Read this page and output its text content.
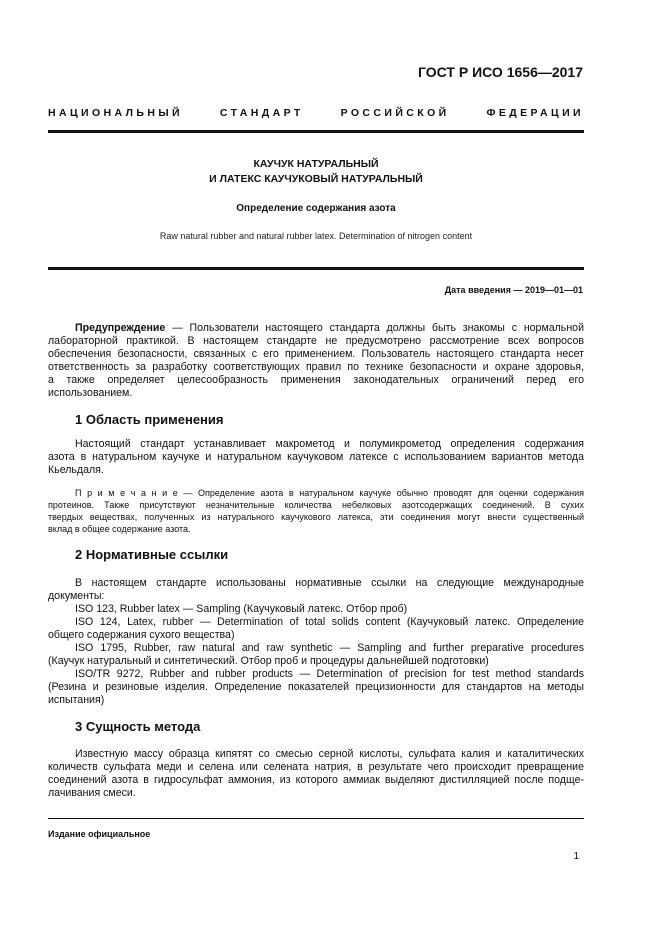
ГОСТ Р ИСО 1656—2017
НАЦИОНАЛЬНЫЙ СТАНДАРТ РОССИЙСКОЙ ФЕДЕРАЦИИ
КАУЧУК НАТУРАЛЬНЫЙ
И ЛАТЕКС КАУЧУКОВЫЙ НАТУРАЛЬНЫЙ
Определение содержания азота
Raw natural rubber and natural rubber latex. Determination of nitrogen content
Дата введения — 2019—01—01
Предупреждение — Пользователи настоящего стандарта должны быть знакомы с нормальной
лабораторной практикой. В настоящем стандарте не предусмотрено рассмотрение всех вопросов
обеспечения безопасности, связанных с его применением. Пользователь настоящего стандарта несет
ответственность за разработку соответствующих правил по технике безопасности и охране здоровья,
а также определяет целесообразность применения законодательных ограничений перед его
использованием.
1 Область применения
Настоящий стандарт устанавливает макрометод и полумикрометод определения содержания
азота в натуральном каучуке и натуральном каучуковом латексе с использованием вариантов метода
Кьельдаля.
П р и м е ч а н и е — Определение азота в натуральном каучуке обычно проводят для оценки содержания
протеинов. Также присутствуют незначительные количества небелковых азотсодержащих соединений. В сухих
твердых веществах, полученных из натурального каучукового латекса, эти соединения могут внести существенный
вклад в общее содержание азота.
2 Нормативные ссылки
В настоящем стандарте использованы нормативные ссылки на следующие международные
документы:
ISO 123, Rubber latex — Sampling (Каучуковый латекс. Отбор проб)
ISO 124, Latex, rubber — Determination of total solids content (Каучуковый латекс. Определение
общего содержания сухого вещества)
ISO 1795, Rubber, raw natural and raw synthetic — Sampling and further preparative procedures
(Каучук натуральный и синтетический. Отбор проб и процедуры дальнейшей подготовки)
ISO/TR 9272, Rubber and rubber products — Determination of precision for test method standards
(Резина и резиновые изделия. Определение показателей прецизионности для стандартов на методы
испытания)
3 Сущность метода
Известную массу образца кипятят со смесью серной кислоты, сульфата калия и каталитических
количеств сульфата меди и селена или селената натрия, в результате чего происходит превращение
соединений азота в гидросульфат аммония, из которого аммиак выделяют дистилляцией после подще-
лачивания смеси.
Издание официальное
1
